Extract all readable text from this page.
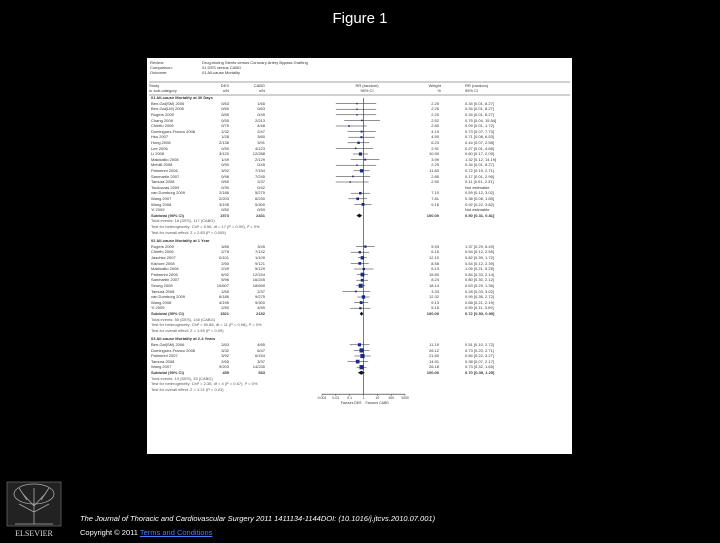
Figure 1
0.001 0.01 0.1	1	10	100 1000
Favours DES Favours CABG
Review:	Drug-eluting Stents versus Coronary Artery Bypass Grafting
Comparison:	01 DES versus CABG
Outcome:	01 All-cause Mortality
Study
or sub-category
DES
n/N
CABG
n/N
RR (random)
95% CI
Weight
%
RR (random)
95% CI
01 All-cause Mortality at 30 Days
Ben-Gal(SM) 2006	0/63	1/65	2.25	0.34 [0.01, 8.27]
Ben-Gal(LM) 2006	0/60	0/63	2.25	0.34 [0.01, 8.27]
Rogers 2009	0/65	0/45	2.25	0.34 [0.01, 8.27]
Chang 2008	0/55	2/213	2.52	0.75 [0.04, 15.54]
Chieffo 2006	0/75	4/48	2.80	0.09 [0.01, 1.72]
Dominguez-Franco 2008	1/32	2/47	4.10	0.73 [0.07, 7.73]
Hsu 2007	1/28	3/60	4.50	0.71 [0.08, 6.53]
Hong 2008	2/138	3/91	6.23	0.44 [0.07, 2.58]
Lee 2006	0/50	4/123	2.91	0.27 [0.01, 4.85]
Li 2008	3/120	12/288	10.90	0.60 [0.17, 2.09]
Makikallio 2008	1/49	2/129	3.99	1.32 [0.12, 14.19]
Mehilli 2008	0/50	0/45	2.25	0.34 [0.01, 8.27]
Palmerini 2006	3/92	7/154	11.83	0.72 [0.19, 2.71]
Sanmartin 2007	0/96	7/245	2.85	0.17 [0.01, 2.95]
Tamura 2008	0/65	2/37	2.50	0.11 [0.01, 2.31]
Toutouzas 2009	0/30	0/42	Not estimable
van Domburg 2009	2/186	5/275	7.10	0.59 [0.12, 3.02]
Wang 2007	2/203	6/230	7.81	0.38 [0.08, 1.85]
Wang 2008	3/195	5/300	9.16	0.92 [0.22, 3.82]
Yi 2009	0/50	0/59	Not estimable
Subtotal (95% CI)	1573	2431	100.00	0.50 [0.31, 0.81]
Total events: 18 (DES), 117 (CABG)
Test for heterogeneity: Chi² = 5.56, df = 17 (P = 0.99), I² = 0%
Test for overall effect: Z = 2.83 (P = 0.005)
02 All-cause Mortality at 1 Year
Rogers 2009	3/65	3/45	5.93	1.37 [0.29, 6.49]
Chieffo 2006	2/75	7/142	6.15	0.54 [0.12, 2.55]
Jaschke 2007	0/101	1/109	12.10	0.82 [0.39, 1.72]
Kishore 2008	2/50	9/121	8.58	0.54 [0.12, 2.39]
Makikallio 2008	2/49	5/129	6.13	1.05 [0.21, 5.25]
Palmerini 2006	6/92	12/154	15.80	0.84 [0.33, 2.14]
Sanmartin 2007	5/96	16/245	8.24	0.80 [0.30, 2.12]
Seung 2008	10/607	18/690	18.14	0.63 [0.29, 1.36]
Tamura 2008	1/65	2/37	3.33	0.28 [0.03, 3.02]
van Domburg 2009	6/186	9/275	12.32	0.99 [0.36, 2.72]
Wang 2008	4/195	9/300	9.13	0.68 [0.21, 2.19]
Yi 2009	2/50	4/59	5.15	0.59 [0.11, 3.09]
Subtotal (95% CI)	1521	2152	100.00	0.72 [0.53, 0.99]
Total events: 55 (DES), 140 (CABG)
Test for heterogeneity: Chi² = 50.88, df = 11 (P = 0.98), I² = 0%
Test for overall effect: Z = 1.69 (P = 0.09)
03 All-cause Mortality at 2-4 Years
Ben-Gal(SM) 2006	2/63	4/65	11.19	0.51 [0.10, 2.72]
Dominguez-Franco 2008	3/32	6/47	26.12	0.73 [0.20, 2.71]
Palmerini 2007	3/92	6/154	21.60	0.84 [0.22, 3.27]
Tamura 2008	2/65	3/37	14.91	0.38 [0.07, 2.17]
Wang 2007	9/203	14/230	26.18	0.73 [0.32, 1.65]
Subtotal (95% CI)	455	533	100.00	0.70 [0.39, 1.25]
Total events: 19 (DES), 33 (CABG)
Test for heterogeneity: Chi² = 2.35, df = 4 (P = 0.67), I² = 0%
Test for overall effect: Z = 1.21 (P = 0.23)
ELSEVIER
The Journal of Thoracic and Cardiovascular Surgery 2011 1411134-1144DOI: (10.1016/j.jtcvs.2010.07.001)
Copyright © 2011 Terms and Conditions
